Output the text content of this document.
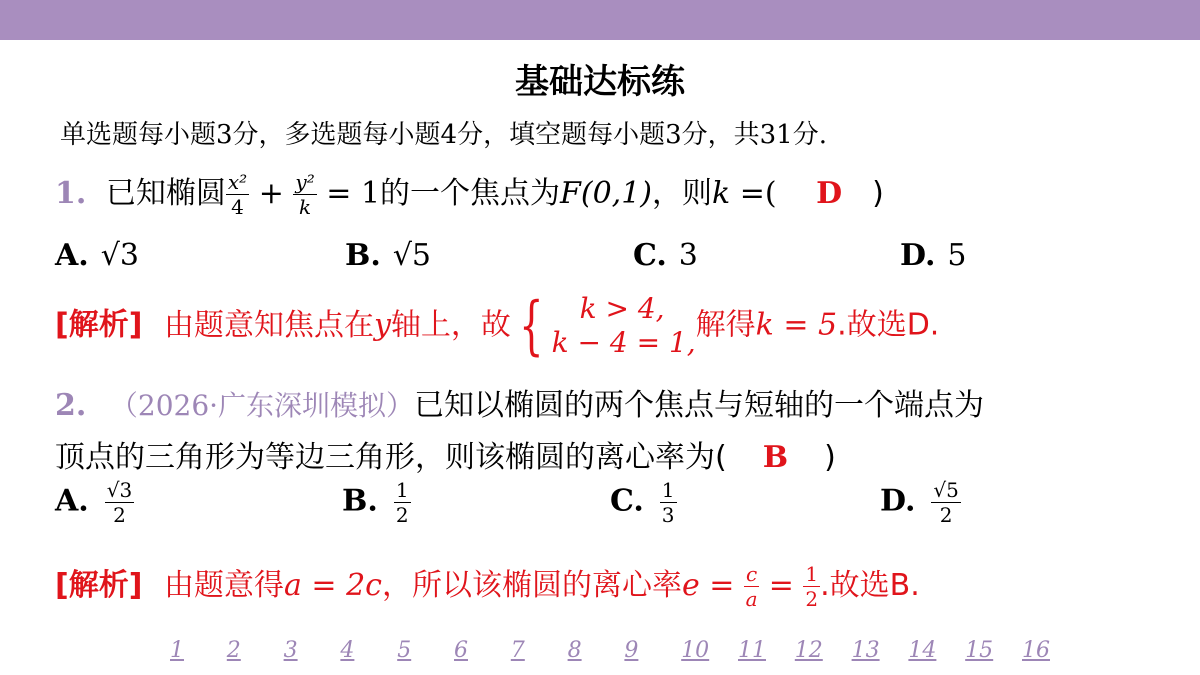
基础达标练
单选题每小题3分，多选题每小题4分，填空题每小题3分，共31分.
1. 已知椭圆 $\frac{\text{x²}}{4} + \frac{\text{y²}}{k} = 1$的一个焦点为F(0,1)，则k =( D )
A. √3	B. √5	C. 3	D. 5
[解析] 由题意知焦点在y轴上，故 {	k > 4,
k − 4 = 1, 解得k = 5.故选D.
2. （2026·广东深圳模拟）已知以椭圆的两个焦点与短轴的一个端点为
顶点的三角形为等边三角形，则该椭圆的离心率为( B )
A. $\frac{√3}{2}$	B. $\frac{1}{2}$	C. $\frac{1}{3}$	D. $\frac{√5}{2}$
[解析] 由题意得a = 2c，所以该椭圆的离心率$e = \frac{c}{a} = \frac{1}{2}$ .故选B.
1 2 3 4 5 6 7 8 9 10 11 12 13 14 15 16
